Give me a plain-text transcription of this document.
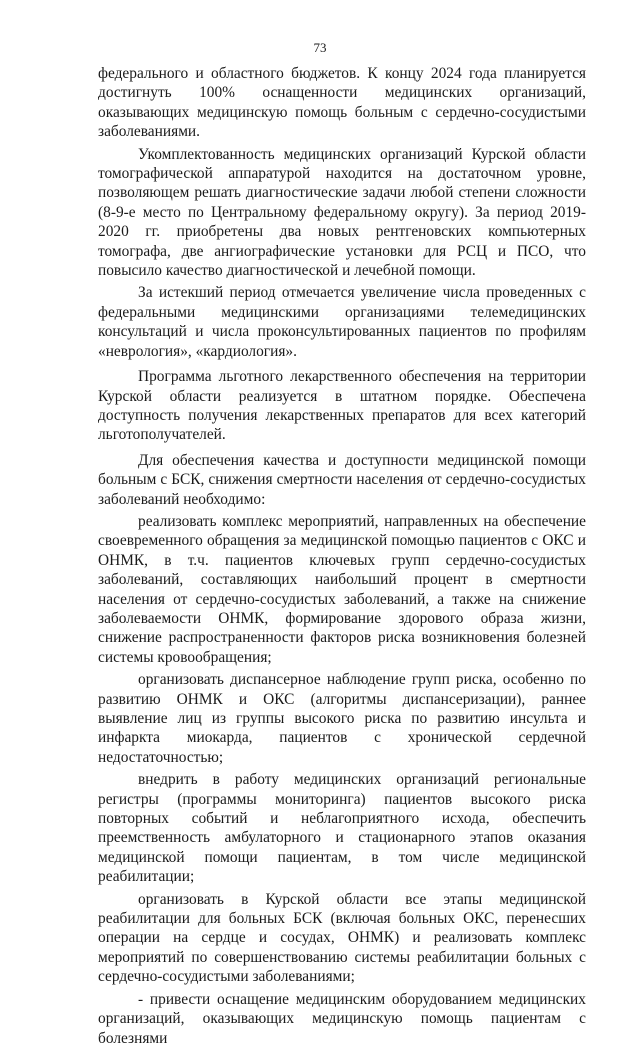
73

федерального и областного бюджетов. К концу 2024 года планируется достигнуть 100% оснащенности медицинских организаций, оказывающих медицинскую помощь больным с сердечно-сосудистыми заболеваниями.

Укомплектованность медицинских организаций Курской области томографической аппаратурой находится на достаточном уровне, позволяющем решать диагностические задачи любой степени сложности (8-9-е место по Центральному федеральному округу). За период 2019-2020 гг. приобретены два новых рентгеновских компьютерных томографа, две ангиографические установки для РСЦ и ПСО, что повысило качество диагностической и лечебной помощи.

За истекший период отмечается увеличение числа проведенных с федеральными медицинскими организациями телемедицинских консультаций и числа проконсультированных пациентов по профилям «неврология», «кардиология».

Программа льготного лекарственного обеспечения на территории Курской области реализуется в штатном порядке. Обеспечена доступность получения лекарственных препаратов для всех категорий льготополучателей.

Для обеспечения качества и доступности медицинской помощи больным с БСК, снижения смертности населения от сердечно-сосудистых заболеваний необходимо:

реализовать комплекс мероприятий, направленных на обеспечение своевременного обращения за медицинской помощью пациентов с ОКС и ОНМК, в т.ч. пациентов ключевых групп сердечно-сосудистых заболеваний, составляющих наибольший процент в смертности населения от сердечно-сосудистых заболеваний, а также на снижение заболеваемости ОНМК, формирование здорового образа жизни, снижение распространенности факторов риска возникновения болезней системы кровообращения;

организовать диспансерное наблюдение групп риска, особенно по развитию ОНМК и ОКС (алгоритмы диспансеризации), раннее выявление лиц из группы высокого риска по развитию инсульта и инфаркта миокарда, пациентов с хронической сердечной недостаточностью;

внедрить в работу медицинских организаций региональные регистры (программы мониторинга) пациентов высокого риска повторных событий и неблагоприятного исхода, обеспечить преемственность амбулаторного и стационарного этапов оказания медицинской помощи пациентам, в том числе медицинской реабилитации;

организовать в Курской области все этапы медицинской реабилитации для больных БСК (включая больных ОКС, перенесших операции на сердце и сосудах, ОНМК) и реализовать комплекс мероприятий по совершенствованию системы реабилитации больных с сердечно-сосудистыми заболеваниями;

- привести оснащение медицинским оборудованием медицинских организаций, оказывающих медицинскую помощь пациентам с болезнями
